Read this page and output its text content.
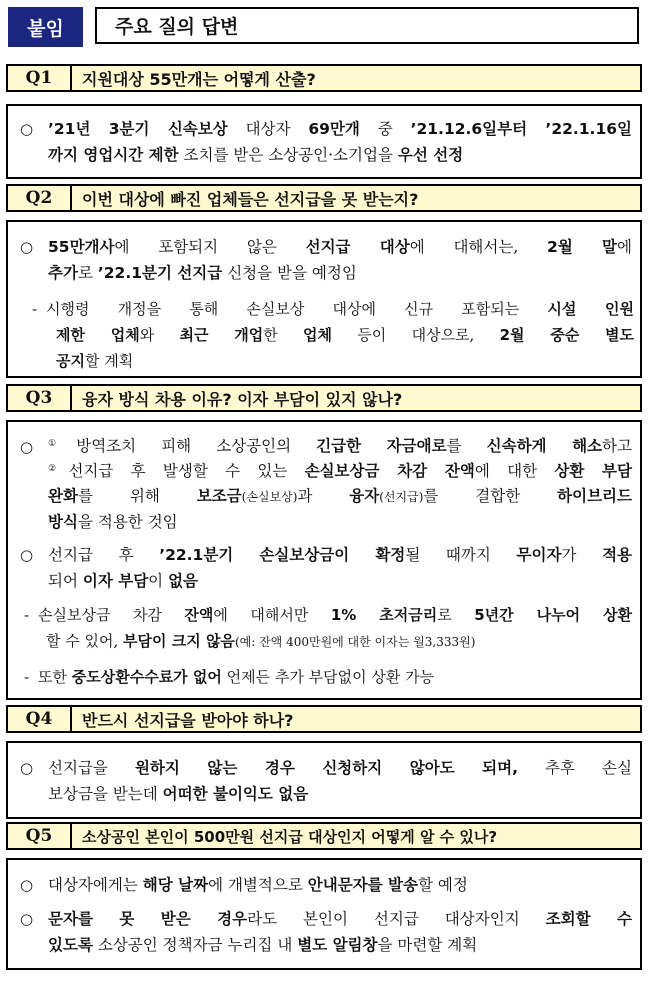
붙임	주요 질의 답변
Q1	지원대상 55만개는 어떻게 산출?
○ ’21년 3분기 신속보상 대상자 69만개 중 ’21.12.6일부터 ’22.1.16일
까지 영업시간 제한 조치를 받은 소상공인·소기업을 우선 선정
Q2	이번 대상에 빠진 업체들은 선지급을 못 받는지?
○ 55만개사에 포함되지 않은 선지급 대상에 대해서는, 2월 말에
추가로 ’22.1분기 선지급 신청을 받을 예정임
- 시행령 개정을 통해 손실보상 대상에 신규 포함되는 시설 인원
제한 업체와 최근 개업한 업체 등이 대상으로, 2월 중순 별도
공지할 계획
Q3	융자 방식 차용 이유? 이자 부담이 있지 않나?
○ ①방역조치 피해 소상공인의 긴급한 자금애로를 신속하게 해소하고
②선지급 후 발생할 수 있는 손실보상금 차감 잔액에 대한 상환 부담
완화를 위해 보조금(손실보상)과 융자(선지급)를 결합한 하이브리드
방식을 적용한 것임
○ 선지급 후 ’22.1분기 손실보상금이 확정될 때까지 무이자가 적용
되어 이자 부담이 없음
- 손실보상금 차감 잔액에 대해서만 1% 초저금리로 5년간 나누어 상환
할 수 있어, 부담이 크지 않음(예: 잔액 400만원에 대한 이자는 월3,333원)
- 또한 중도상환수수료가 없어 언제든 추가 부담없이 상환 가능
Q4	반드시 선지급을 받아야 하나?
○ 선지급을 원하지 않는 경우 신청하지 않아도 되며, 추후 손실
보상금을 받는데 어떠한 불이익도 없음
Q5	소상공인 본인이 500만원 선지급 대상인지 어떻게 알 수 있나?
○ 대상자에게는 해당 날짜에 개별적으로 안내문자를 발송할 예정
○ 문자를 못 받은 경우라도 본인이 선지급 대상자인지 조회할 수
있도록 소상공인 정책자금 누리집 내 별도 알림창을 마련할 계획
